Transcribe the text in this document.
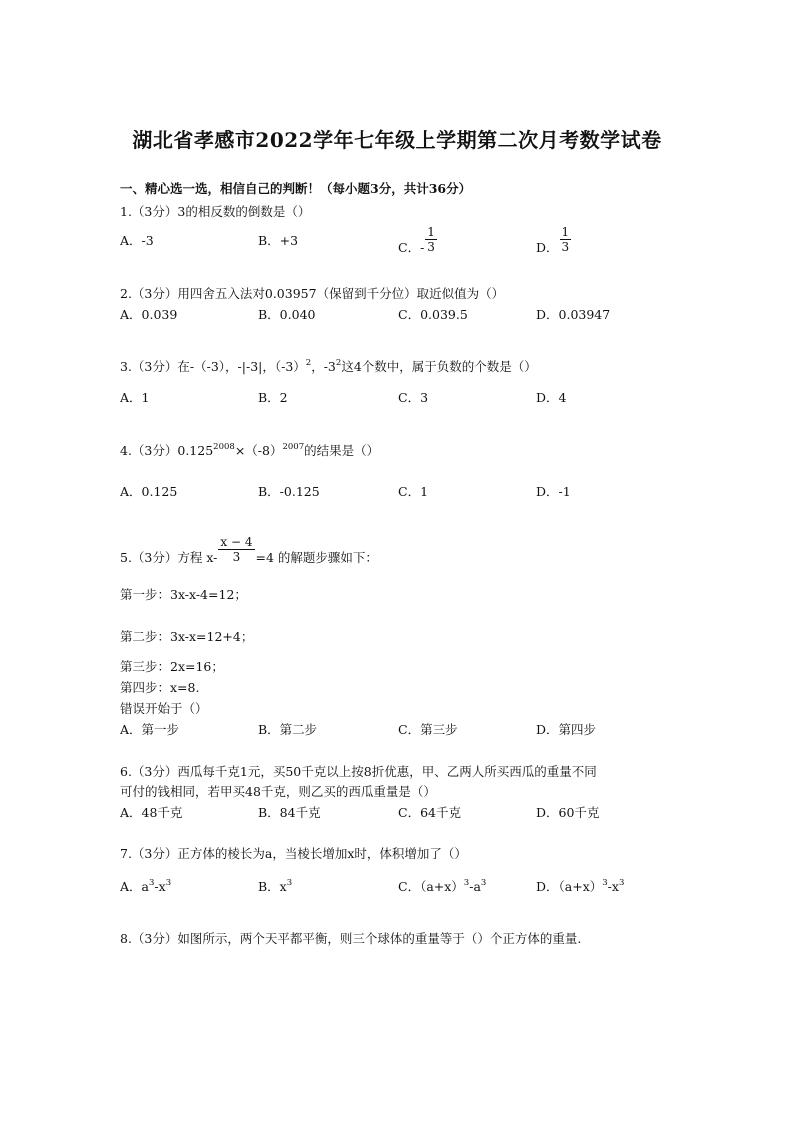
湖北省孝感市2022学年七年级上学期第二次月考数学试卷
一、精心选一选，相信自己的判断！（每小题3分，共计36分）
1.（3分）3的相反数的倒数是（）
A．-3	B．+3	C．- $\frac{1}{3}$	D． $\frac{1}{3}$
2.（3分）用四舍五入法对0.03957（保留到千分位）取近似值为（）
A．0.039	B．0.040	C．0.039.5	D．0.03947
3.（3分）在-（-3），-|-3|，$(-3)^2$，$-3^2$这4个数中，属于负数的个数是（）
A．1	B．2	C．3	D．4
4.（3分）$0.125^{2008}\times(-8)^{2007}$的结果是（）
A．0.125	B．-0.125	C．1	D．-1
5.（3分）方程 $x- \frac{x - 4}{3} =4$ 的解题步骤如下：
第一步：3x-x-4=12；
第二步：3x-x=12+4；
第三步：2x=16；
第四步：x=8.
错误开始于（）
A．第一步	B．第二步	C．第三步	D．第四步
6.（3分）西瓜每千克1元，买50千克以上按8折优惠，甲、乙两人所买西瓜的重量不同
可付的钱相同，若甲买48千克，则乙买的西瓜重量是（）
A．48千克	B．84千克	C．64千克	D．60千克
7.（3分）正方体的棱长为a，当棱长增加x时，体积增加了（）
A．$a^3-x^3$	B．$x^3$	C．$(a+x)^3-a^3$	D．$(a+x)^3-x^3$
8.（3分）如图所示，两个天平都平衡，则三个球体的重量等于（）个正方体的重量.
